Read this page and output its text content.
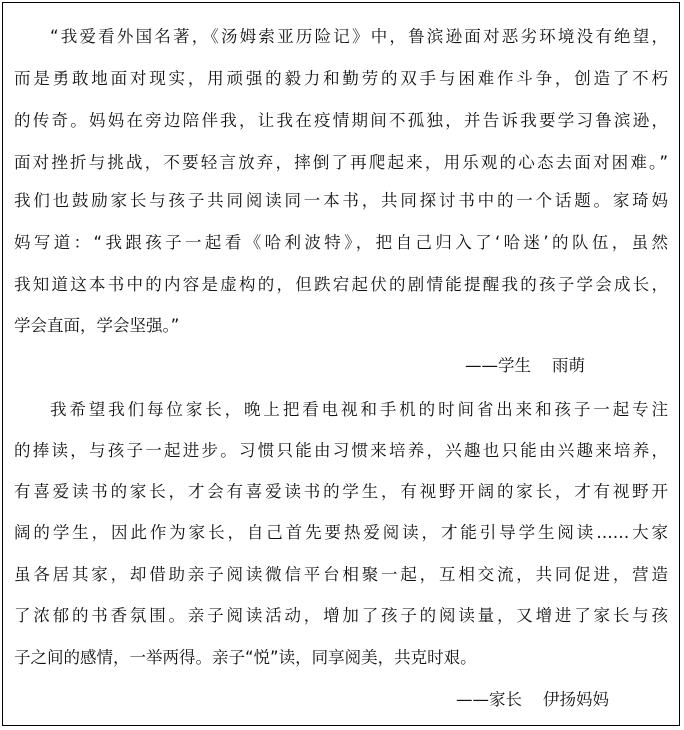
“我爱看外国名著，《汤姆索亚历险记》中，鲁滨逊面对恶劣环境没有绝望，
而是勇敢地面对现实，用顽强的毅力和勤劳的双手与困难作斗争，创造了不朽
的传奇。妈妈在旁边陪伴我，让我在疫情期间不孤独，并告诉我要学习鲁滨逊，
面对挫折与挑战，不要轻言放弃，摔倒了再爬起来，用乐观的心态去面对困难。”
我们也鼓励家长与孩子共同阅读同一本书，共同探讨书中的一个话题。家琦妈
妈写道：“我跟孩子一起看《哈利波特》，把自己归入了‘哈迷’的队伍，虽然
我知道这本书中的内容是虚构的，但跌宕起伏的剧情能提醒我的孩子学会成长，
学会直面，学会坚强。”
——学生    雨萌
我希望我们每位家长，晚上把看电视和手机的时间省出来和孩子一起专注
的捧读，与孩子一起进步。习惯只能由习惯来培养，兴趣也只能由兴趣来培养，
有喜爱读书的家长，才会有喜爱读书的学生，有视野开阔的家长，才有视野开
阔的学生，因此作为家长，自己首先要热爱阅读，才能引导学生阅读……大家
虽各居其家，却借助亲子阅读微信平台相聚一起，互相交流，共同促进，营造
了浓郁的书香氛围。亲子阅读活动，增加了孩子的阅读量，又增进了家长与孩
子之间的感情，一举两得。亲子“悦”读，同享阅美，共克时艰。
——家长    伊扬妈妈
